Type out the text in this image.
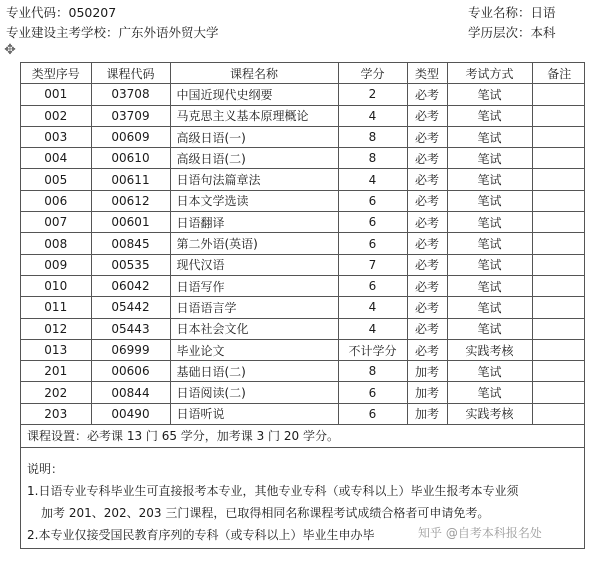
专业代码：050207	专业名称：日语
专业建设主考学校：广东外语外贸大学	学历层次：本科
✥
类型序号	课程代码	课程名称	学分	类型	考试方式	备注
001	03708	中国近现代史纲要	2	必考	笔试	
002	03709	马克思主义基本原理概论	4	必考	笔试	
003	00609	高级日语(一)	8	必考	笔试	
004	00610	高级日语(二)	8	必考	笔试	
005	00611	日语句法篇章法	4	必考	笔试	
006	00612	日本文学选读	6	必考	笔试	
007	00601	日语翻译	6	必考	笔试	
008	00845	第二外语(英语)	6	必考	笔试	
009	00535	现代汉语	7	必考	笔试	
010	06042	日语写作	6	必考	笔试	
011	05442	日语语言学	4	必考	笔试	
012	05443	日本社会文化	4	必考	笔试	
013	06999	毕业论文	不计学分	必考	实践考核	
201	00606	基础日语(二)	8	加考	笔试	
202	00844	日语阅读(二)	6	加考	笔试	
203	00490	日语听说	6	加考	实践考核	
课程设置：必考课 13 门 65 学分，加考课 3 门 20 学分。
说明：
1.日语专业专科毕业生可直接报考本专业，其他专业专科（或专科以上）毕业生报考本专业须
加考 201、202、203 三门课程，已取得相同名称课程考试成绩合格者可申请免考。
2.本专业仅接受国民教育序列的专科（或专科以上）毕业生申办毕	知乎 @自考本科报名处
